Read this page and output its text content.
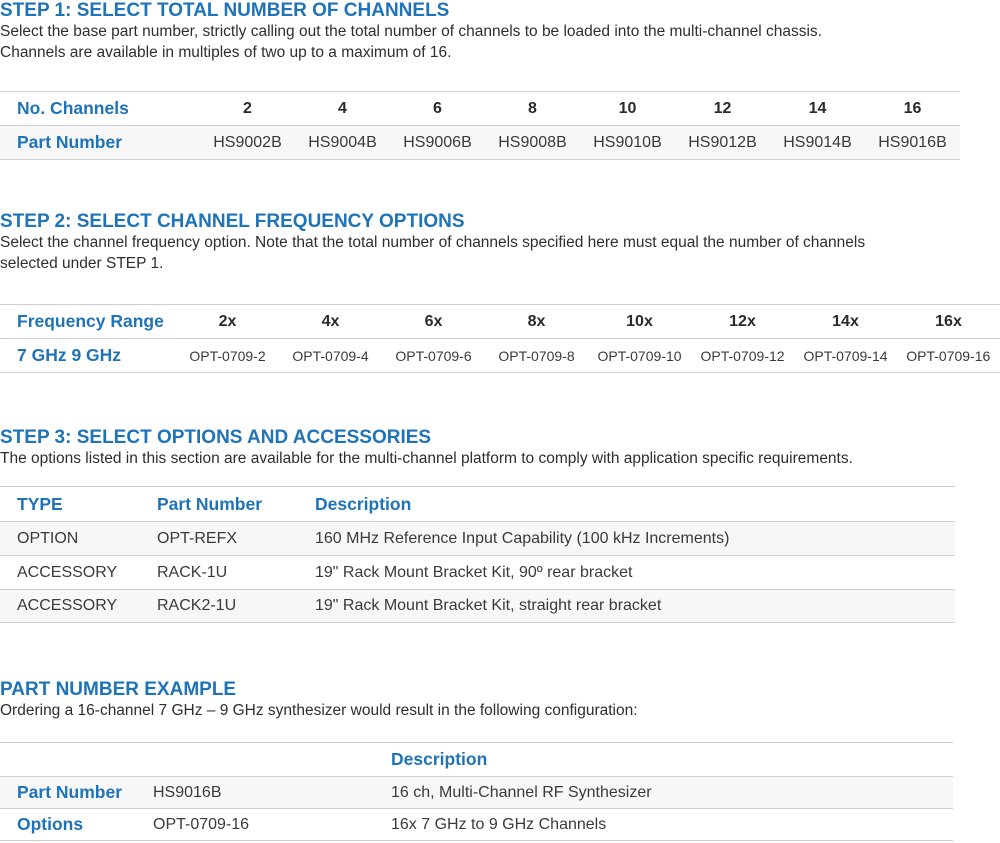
STEP 1: SELECT TOTAL NUMBER OF CHANNELS
Select the base part number, strictly calling out the total number of channels to be loaded into the multi-channel chassis.
Channels are available in multiples of two up to a maximum of 16.
No. Channels	2	4	6	8	10	12	14	16
Part Number	HS9002B	HS9004B	HS9006B	HS9008B	HS9010B	HS9012B	HS9014B	HS9016B
STEP 2: SELECT CHANNEL FREQUENCY OPTIONS
Select the channel frequency option. Note that the total number of channels specified here must equal the number of channels
selected under STEP 1.
Frequency Range	2x	4x	6x	8x	10x	12x	14x	16x
7 GHz 9 GHz	OPT-0709-2	OPT-0709-4	OPT-0709-6	OPT-0709-8	OPT-0709-10	OPT-0709-12	OPT-0709-14	OPT-0709-16
STEP 3: SELECT OPTIONS AND ACCESSORIES
The options listed in this section are available for the multi-channel platform to comply with application specific requirements.
TYPE	Part Number	Description
OPTION	OPT-REFX	160 MHz Reference Input Capability (100 kHz Increments)
ACCESSORY	RACK-1U	19" Rack Mount Bracket Kit, 90º rear bracket
ACCESSORY	RACK2-1U	19" Rack Mount Bracket Kit, straight rear bracket
PART NUMBER EXAMPLE
Ordering a 16-channel 7 GHz – 9 GHz synthesizer would result in the following configuration:
		Description
Part Number	HS9016B	16 ch, Multi-Channel RF Synthesizer
Options	OPT-0709-16	16x 7 GHz to 9 GHz Channels
